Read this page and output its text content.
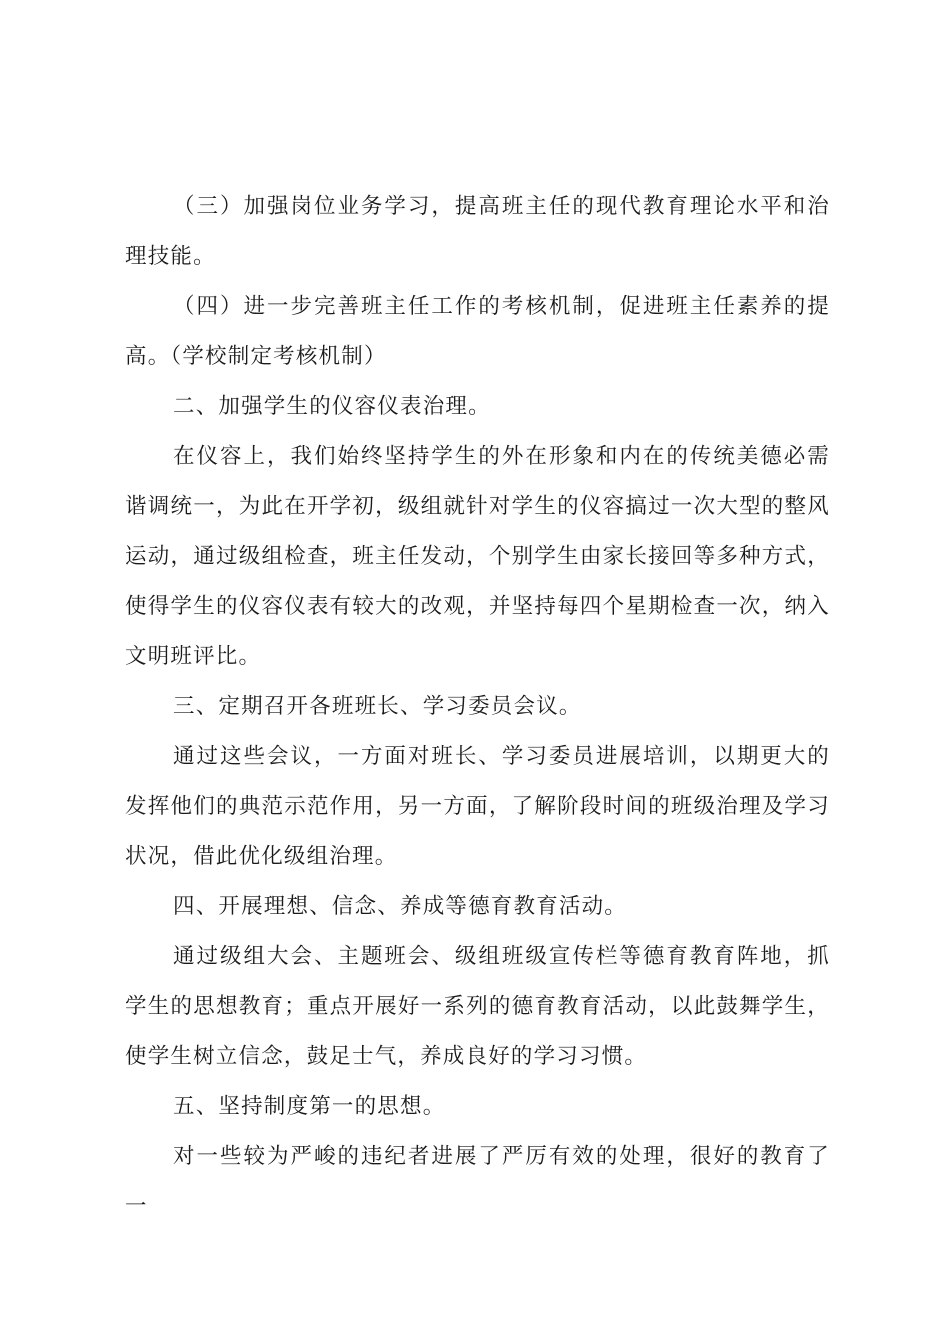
（三）加强岗位业务学习，提高班主任的现代教育理论水平和治理技能。

（四）进一步完善班主任工作的考核机制，促进班主任素养的提高。（学校制定考核机制）

二、加强学生的仪容仪表治理。

在仪容上，我们始终坚持学生的外在形象和内在的传统美德必需谐调统一，为此在开学初，级组就针对学生的仪容搞过一次大型的整风运动，通过级组检查，班主任发动，个别学生由家长接回等多种方式，使得学生的仪容仪表有较大的改观，并坚持每四个星期检查一次，纳入文明班评比。

三、定期召开各班班长、学习委员会议。

通过这些会议，一方面对班长、学习委员进展培训，以期更大的发挥他们的典范示范作用，另一方面，了解阶段时间的班级治理及学习状况，借此优化级组治理。

四、开展理想、信念、养成等德育教育活动。

通过级组大会、主题班会、级组班级宣传栏等德育教育阵地，抓学生的思想教育；重点开展好一系列的德育教育活动，以此鼓舞学生，使学生树立信念，鼓足士气，养成良好的学习习惯。

五、坚持制度第一的思想。

对一些较为严峻的违纪者进展了严厉有效的处理，很好的教育了一
